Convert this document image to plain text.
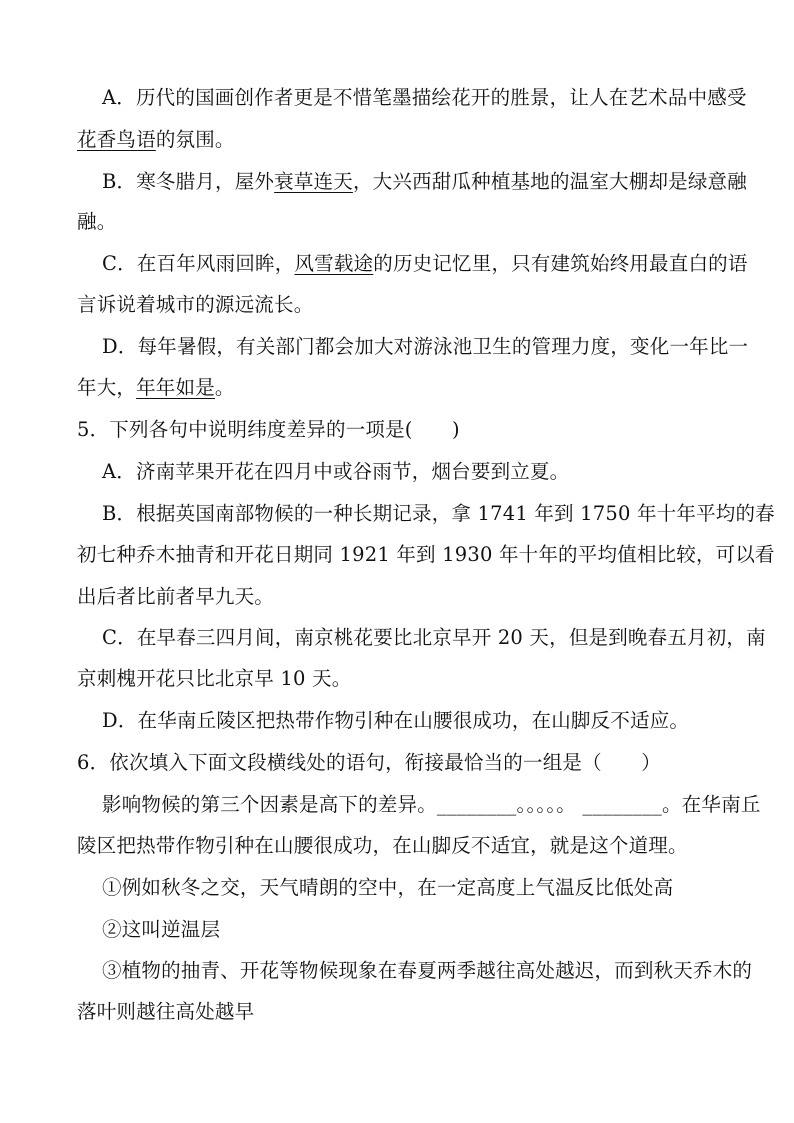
A．历代的国画创作者更是不惜笔墨描绘花开的胜景，让人在艺术品中感受
花香鸟语的氛围。
B．寒冬腊月，屋外衰草连天，大兴西甜瓜种植基地的温室大棚却是绿意融
融。
C．在百年风雨回眸，风雪载途的历史记忆里，只有建筑始终用最直白的语
言诉说着城市的源远流长。
D．每年暑假，有关部门都会加大对游泳池卫生的管理力度，变化一年比一
年大，年年如是。
5．下列各句中说明纬度差异的一项是(　　)
A．济南苹果开花在四月中或谷雨节，烟台要到立夏。
B．根据英国南部物候的一种长期记录，拿 1741 年到 1750 年十年平均的春
初七种乔木抽青和开花日期同 1921 年到 1930 年十年的平均值相比较，可以看
出后者比前者早九天。
C．在早春三四月间，南京桃花要比北京早开 20 天，但是到晚春五月初，南
京刺槐开花只比北京早 10 天。
D．在华南丘陵区把热带作物引种在山腰很成功，在山脚反不适应。
6．依次填入下面文段横线处的语句，衔接最恰当的一组是（　　）
影响物候的第三个因素是高下的差异。________。。。。。 ________。在华南丘
陵区把热带作物引种在山腰很成功，在山脚反不适宜，就是这个道理。
①例如秋冬之交，天气晴朗的空中，在一定高度上气温反比低处高
②这叫逆温层
③植物的抽青、开花等物候现象在春夏两季越往高处越迟，而到秋天乔木的
落叶则越往高处越早
